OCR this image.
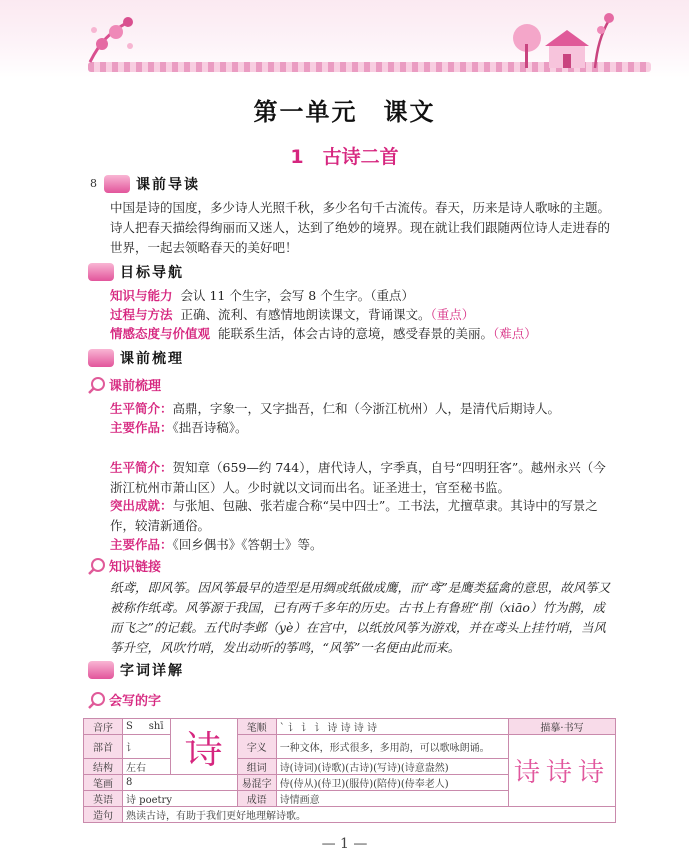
第一单元　课文
1　古诗二首
8	课前导读
中国是诗的国度，多少诗人光照千秋，多少名句千古流传。春天，历来是诗人歌咏的主题。诗人把春天描绘得绚丽而又迷人，达到了绝妙的境界。现在就让我们跟随两位诗人走进春的世界，一起去领略春天的美好吧！
目标导航
知识与能力 会认 11 个生字，会写 8 个生字。（重点）
过程与方法 正确、流利、有感情地朗读课文，背诵课文。（重点）
情感态度与价值观 能联系生活，体会古诗的意境，感受春景的美丽。（难点）
课前梳理
课前梳理
生平简介：高鼎，字象一，又字拙吾，仁和（今浙江杭州）人，是清代后期诗人。
主要作品：《拙吾诗稿》。
生平简介：贺知章（659—约 744），唐代诗人，字季真，自号“四明狂客”。越州永兴（今浙江杭州市萧山区）人。少时就以文词而出名。证圣进士，官至秘书监。
突出成就：与张旭、包融、张若虚合称“吴中四士”。工书法，尤擅草隶。其诗中的写景之作，较清新通俗。
主要作品：《回乡偶书》《答朝士》等。
知识链接
纸鸢，即风筝。因风筝最早的造型是用绸或纸做成鹰，而“鸢”是鹰类猛禽的意思，故风筝又被称作纸鸢。风筝源于我国，已有两千多年的历史。古书上有鲁班“削（xiāo）竹为鹊，成而飞之”的记载。五代时李邺（yè）在宫中，以纸放风筝为游戏，并在鸢头上挂竹哨，当风筝升空，风吹竹哨，发出动听的筝鸣，“风筝”一名便由此而来。
字词详解
会写的字
音序	S shī	诗	笔顺	` 讠 讠 讠 诗 诗 诗 诗	描摹·书写
部首	讠		字义	一种文体，形式很多，多用韵，可以歌咏朗诵。	诗诗诗
结构	左右		组词	诗(诗词)(诗歌)(古诗)(写诗)(诗意盎然)	
笔画	8		易混字	侍(侍从)(侍卫)(服侍)(陪侍)(侍奉老人)	
英语	诗 poetry		成语	诗情画意	
造句	熟读古诗，有助于我们更好地理解诗歌。				
— 1 —
